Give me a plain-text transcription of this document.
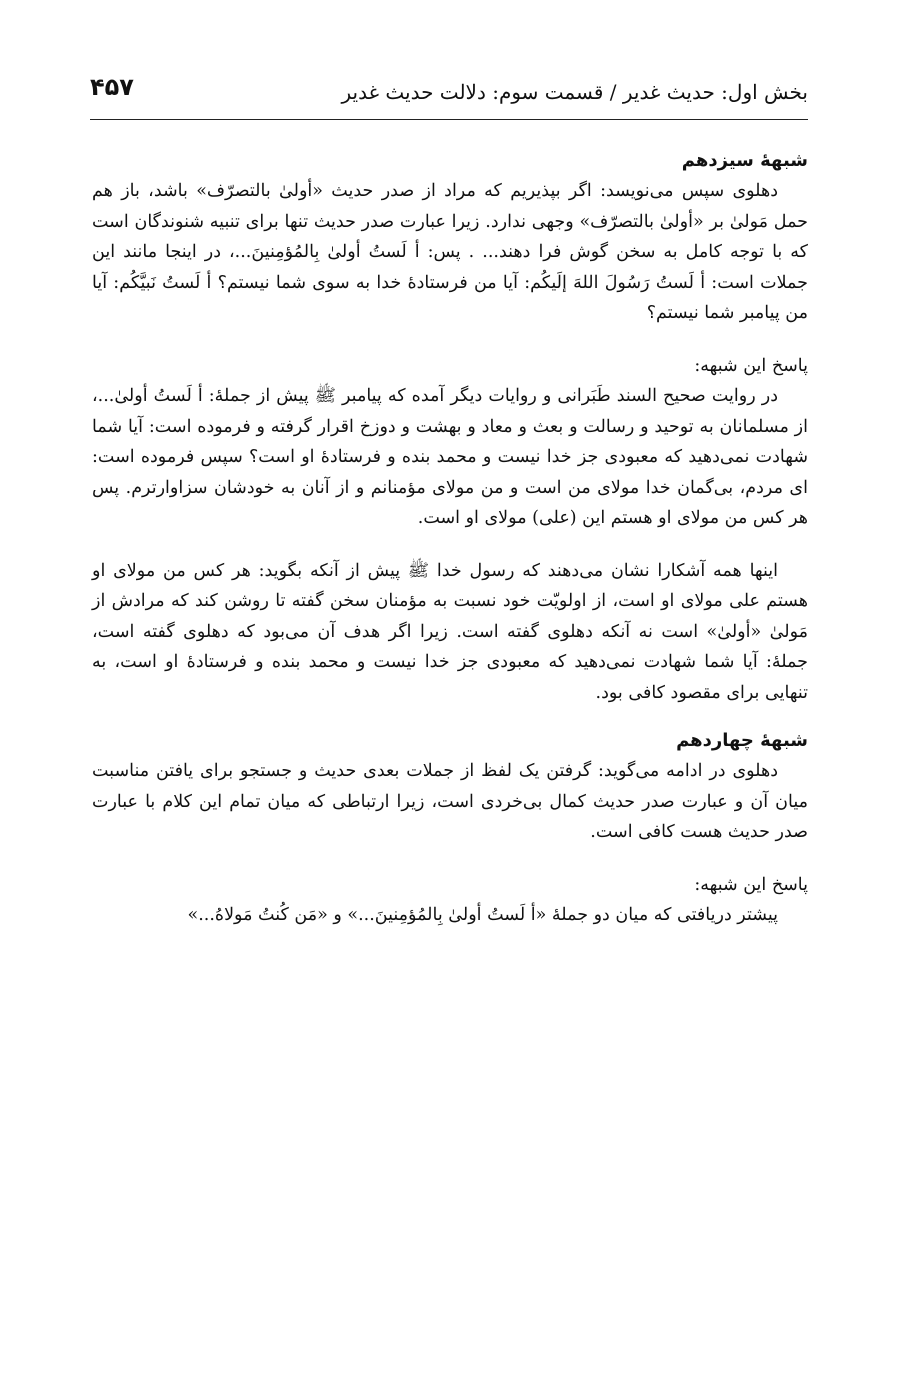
بخش اول: حدیث غدیر / قسمت سوم: دلالت حدیث غدیر
۴۵۷
شبهۀ سیزدهم

دهلوی سپس می‌نویسد: اگر بپذیریم که مراد از صدر حدیث «أولیٰ بالتصرّف» باشد، باز هم حمل مَولیٰ بر «أولیٰ بالتصرّف» وجهی ندارد. زیرا عبارت صدر حدیث تنها برای تنبیه شنوندگان است که با توجه کامل به سخن گوش فرا دهند... . پس: أ لَستُ أولیٰ بِالمُؤمِنینَ...، در اینجا مانند این جملات است: أ لَستُ رَسُولَ اللهَ إلَیکُم: آیا من فرستادۀ خدا به سوی شما نیستم؟ أ لَستُ نَبیَّکُم: آیا من پیامبر شما نیستم؟

پاسخ این شبهه:

در روایت صحیح السند طَبَرانی و روایات دیگر آمده که پیامبر ﷺ پیش از جملۀ: أ لَستُ أولیٰ...، از مسلمانان به توحید و رسالت و بعث و معاد و بهشت و دوزخ اقرار گرفته و فرموده است: آیا شما شهادت نمی‌دهید که معبودی جز خدا نیست و محمد بنده و فرستادۀ او است؟ سپس فرموده است: ای مردم، بی‌گمان خدا مولای من است و من مولای مؤمنانم و از آنان به خودشان سزاوارترم. پس هر کس من مولای او هستم این (علی) مولای او است.

اینها همه آشکارا نشان می‌دهند که رسول خدا ﷺ پیش از آنکه بگوید: هر کس من مولای او هستم علی مولای او است، از اولویّت خود نسبت به مؤمنان سخن گفته تا روشن کند که مرادش از مَولیٰ «أولیٰ» است نه آنکه دهلوی گفته است. زیرا اگر هدف آن می‌بود که دهلوی گفته است، جملۀ: آیا شما شهادت نمی‌دهید که معبودی جز خدا نیست و محمد بنده و فرستادۀ او است، به تنهایی برای مقصود کافی بود.

شبهۀ چهاردهم

دهلوی در ادامه می‌گوید: گرفتن یک لفظ از جملات بعدی حدیث و جستجو برای یافتن مناسبت میان آن و عبارت صدر حدیث کمال بی‌خردی است، زیرا ارتباطی که میان تمام این کلام با عبارت صدر حدیث هست کافی است.

پاسخ این شبهه:

پیشتر دریافتی که میان دو جملۀ «أ لَستُ أولیٰ بِالمُؤمِنینَ...» و «مَن کُنتُ مَولاهُ...»
